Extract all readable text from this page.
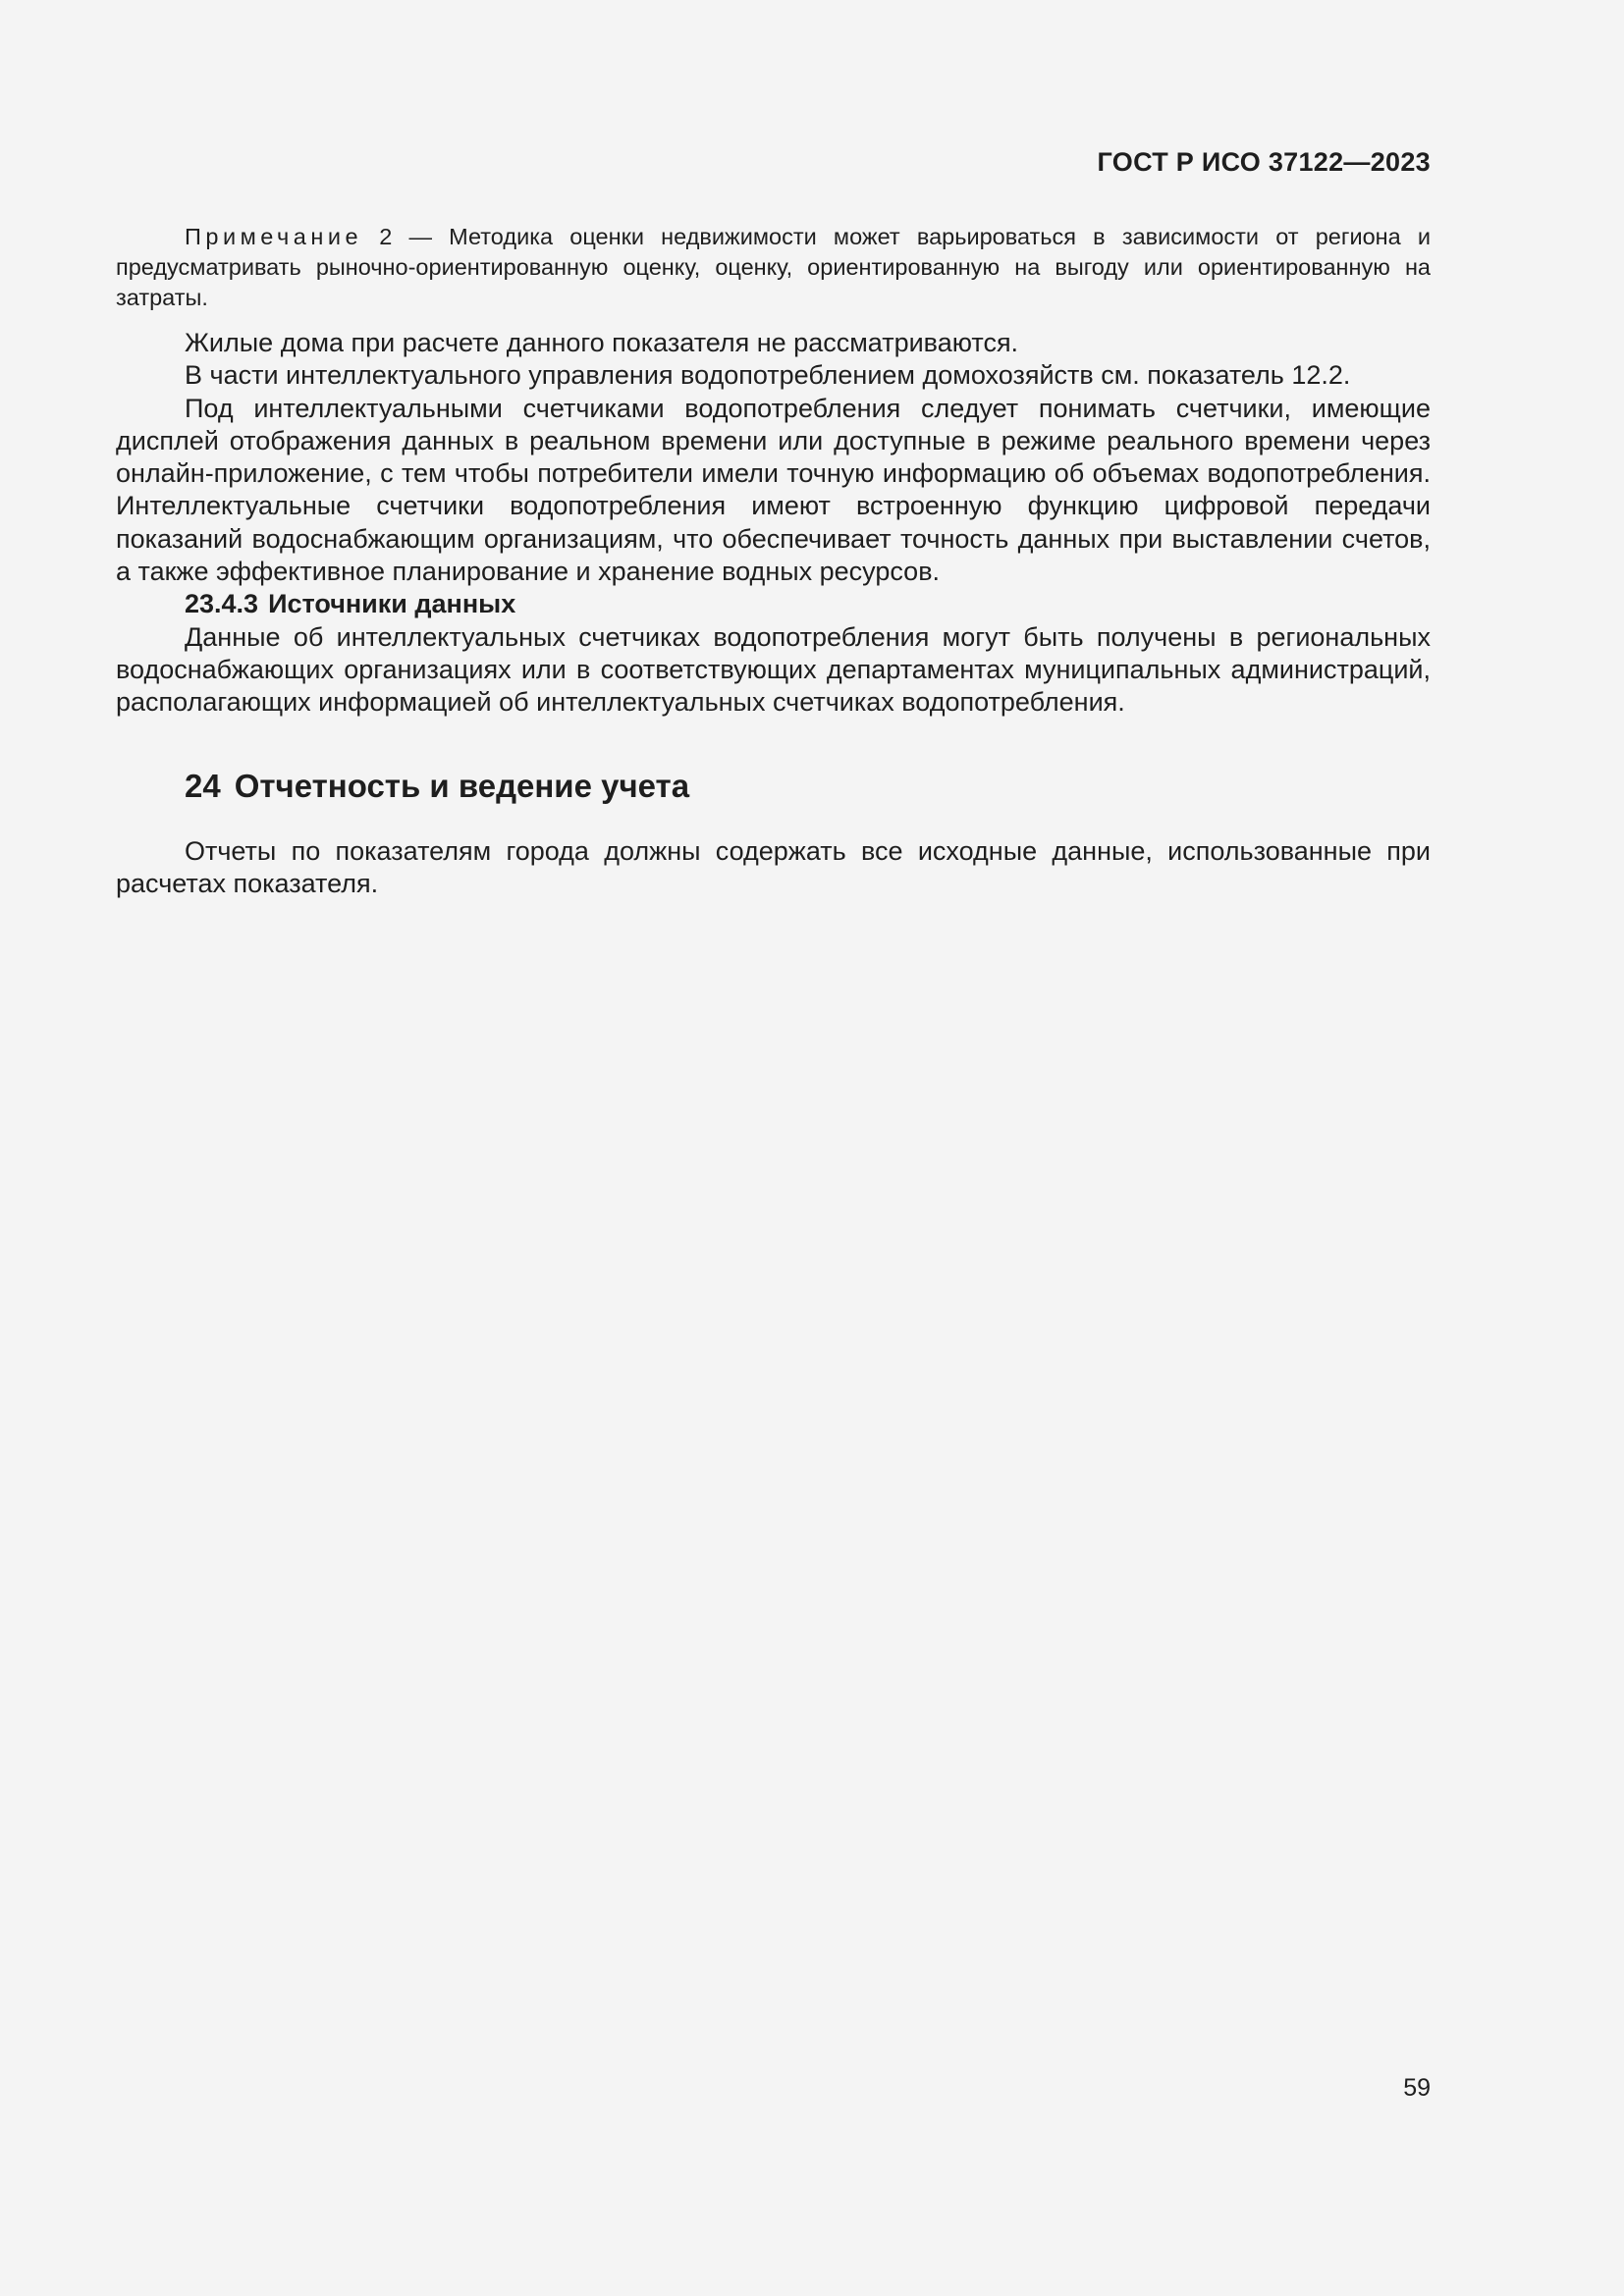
ГОСТ Р ИСО 37122—2023

Примечание 2 — Методика оценки недвижимости может варьироваться в зависимости от региона и предусматривать рыночно-ориентированную оценку, оценку, ориентированную на выгоду или ориентированную на затраты.

Жилые дома при расчете данного показателя не рассматриваются.

В части интеллектуального управления водопотреблением домохозяйств см. показатель 12.2.

Под интеллектуальными счетчиками водопотребления следует понимать счетчики, имеющие дисплей отображения данных в реальном времени или доступные в режиме реального времени через онлайн-приложение, с тем чтобы потребители имели точную информацию об объемах водопотребления. Интеллектуальные счетчики водопотребления имеют встроенную функцию цифровой передачи показаний водоснабжающим организациям, что обеспечивает точность данных при выставлении счетов, а также эффективное планирование и хранение водных ресурсов.

23.4.3 Источники данных

Данные об интеллектуальных счетчиках водопотребления могут быть получены в региональных водоснабжающих организациях или в соответствующих департаментах муниципальных администраций, располагающих информацией об интеллектуальных счетчиках водопотребления.

24 Отчетность и ведение учета

Отчеты по показателям города должны содержать все исходные данные, использованные при расчетах показателя.

59
